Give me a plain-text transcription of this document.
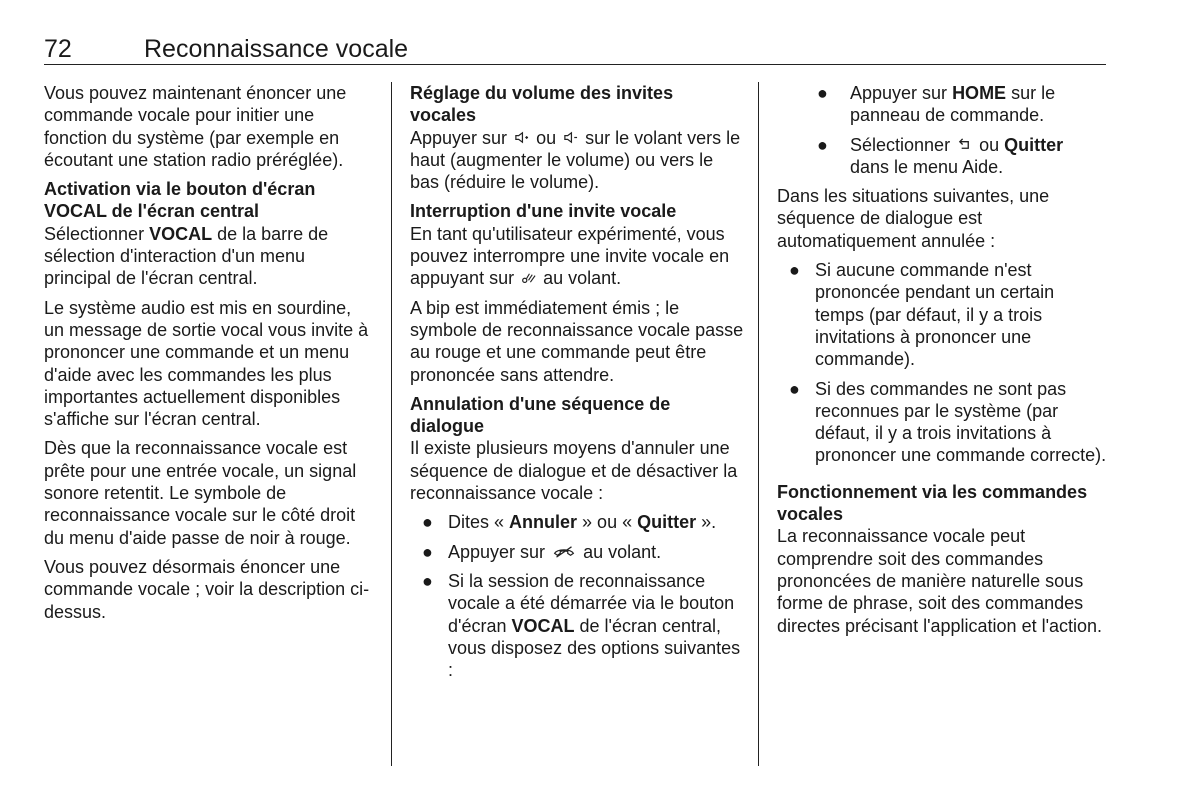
72	Reconnaissance vocale

Vous pouvez maintenant énoncer une commande vocale pour initier une fonction du système (par exemple en écoutant une station radio préréglée).

Activation via le bouton d'écran VOCAL de l'écran central

Sélectionner VOCAL de la barre de sélection d'interaction d'un menu principal de l'écran central.

Le système audio est mis en sourdine, un message de sortie vocal vous invite à prononcer une commande et un menu d'aide avec les commandes les plus importantes actuellement disponibles s'affiche sur l'écran central.

Dès que la reconnaissance vocale est prête pour une entrée vocale, un signal sonore retentit. Le symbole de reconnaissance vocale sur le côté droit du menu d'aide passe de noir à rouge.

Vous pouvez désormais énoncer une commande vocale ; voir la description ci-dessus.

Réglage du volume des invites vocales

Appuyer sur  ou  sur le volant vers le haut (augmenter le volume) ou vers le bas (réduire le volume).

Interruption d'une invite vocale

En tant qu'utilisateur expérimenté, vous pouvez interrompre une invite vocale en appuyant sur  au volant.

A bip est immédiatement émis ; le symbole de reconnaissance vocale passe au rouge et une commande peut être prononcée sans attendre.

Annulation d'une séquence de dialogue

Il existe plusieurs moyens d'annuler une séquence de dialogue et de désactiver la reconnaissance vocale :

● Dites « Annuler » ou « Quitter ».
● Appuyer sur  au volant.
● Si la session de reconnaissance vocale a été démarrée via le bouton d'écran VOCAL de l'écran central, vous disposez des options suivantes :
● Appuyer sur HOME sur le panneau de commande.
● Sélectionner  ou Quitter dans le menu Aide.

Dans les situations suivantes, une séquence de dialogue est automatiquement annulée :

● Si aucune commande n'est prononcée pendant un certain temps (par défaut, il y a trois invitations à prononcer une commande).
● Si des commandes ne sont pas reconnues par le système (par défaut, il y a trois invitations à prononcer une commande correcte).
Fonctionnement via les commandes vocales

La reconnaissance vocale peut comprendre soit des commandes prononcées de manière naturelle sous forme de phrase, soit des commandes directes précisant l'application et l'action.
